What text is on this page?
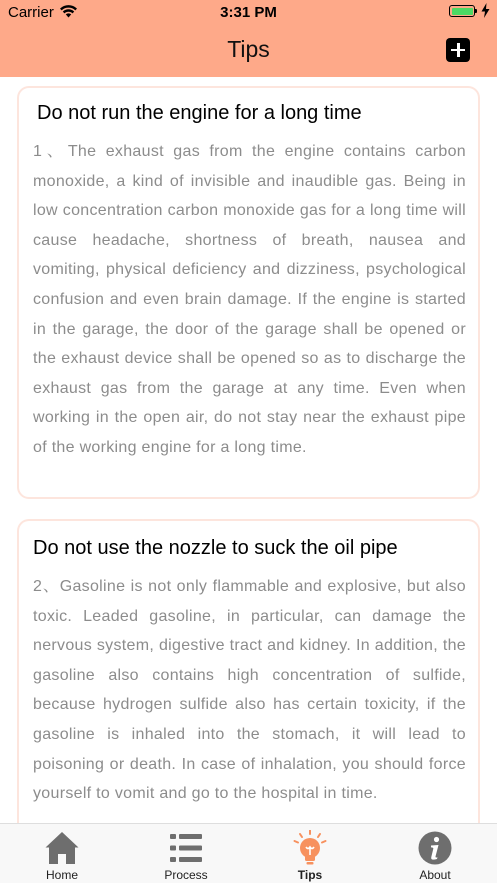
Carrier	3:31 PM
Tips
Do not run the engine for a long time
1、The exhaust gas from the engine contains carbon monoxide, a kind of invisible and inaudible gas. Being in low concentration carbon monoxide gas for a long time will cause headache, shortness of breath, nausea and vomiting, physical deficiency and dizziness, psychological confusion and even brain damage. If the engine is started in the garage, the door of the garage shall be opened or the exhaust device shall be opened so as to discharge the exhaust gas from the garage at any time. Even when working in the open air, do not stay near the exhaust pipe of the working engine for a long time.
Do not use the nozzle to suck the oil pipe
2、Gasoline is not only flammable and explosive, but also toxic. Leaded gasoline, in particular, can damage the nervous system, digestive tract and kidney. In addition, the gasoline also contains high concentration of sulfide, because hydrogen sulfide also has certain toxicity, if the gasoline is inhaled into the stomach, it will lead to poisoning or death. In case of inhalation, you should force yourself to vomit and go to the hospital in time.
Home	Process	Tips	About
